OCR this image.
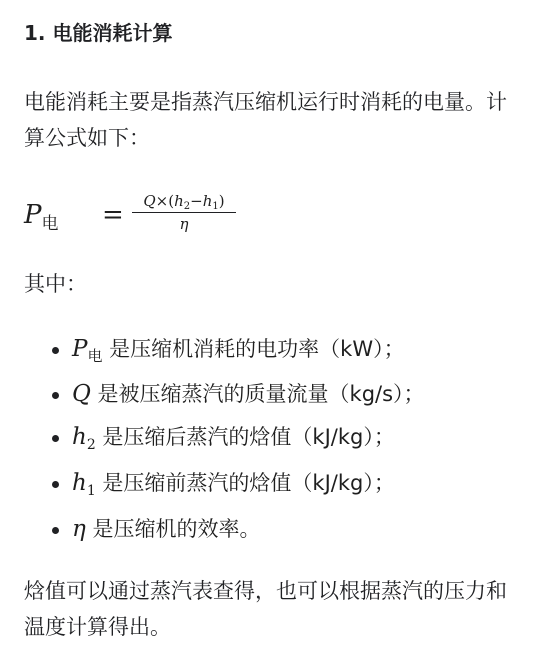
1. 电能消耗计算

电能消耗主要是指蒸汽压缩机运行时消耗的电量。计算公式如下：

$P_电 = \frac{Q\times(h_2-h_1)}{\eta}$

其中：

$P_电$ 是压缩机消耗的电功率（kW）；
Q 是被压缩蒸汽的质量流量（kg/s）；
$h_2$ 是压缩后蒸汽的焓值（kJ/kg）；
$h_1$ 是压缩前蒸汽的焓值（kJ/kg）；
η 是压缩机的效率。

焓值可以通过蒸汽表查得，也可以根据蒸汽的压力和温度计算得出。
